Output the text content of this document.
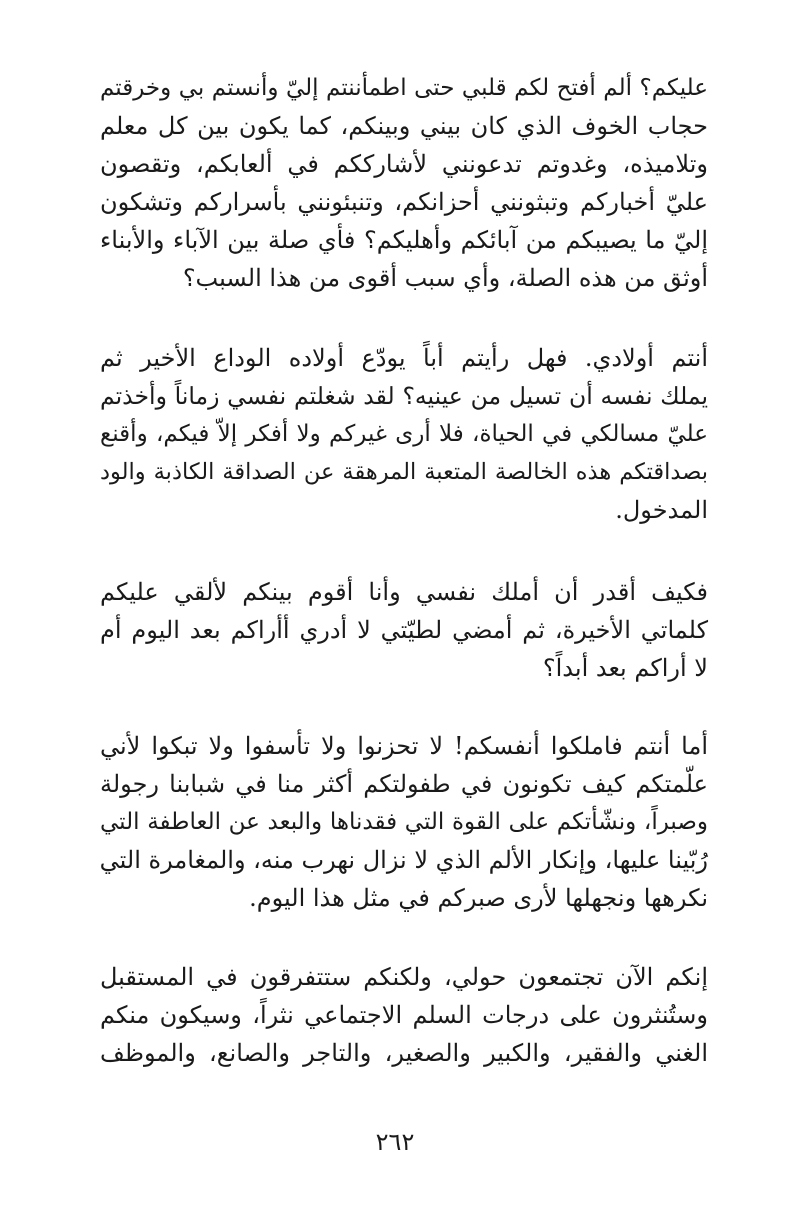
عليكم؟ ألم أفتح لكم قلبي حتى اطمأننتم إليّ وأنستم بي وخرقتم
حجاب الخوف الذي كان بيني وبينكم، كما يكون بين كل معلم
وتلاميذه، وغدوتم تدعونني لأشارككم في ألعابكم، وتقصون
عليّ أخباركم وتبثونني أحزانكم، وتنبئونني بأسراركم وتشكون
إليّ ما يصيبكم من آبائكم وأهليكم؟ فأي صلة بين الآباء والأبناء
أوثق من هذه الصلة، وأي سبب أقوى من هذا السبب؟
أنتم أولادي. فهل رأيتم أباً يودّع أولاده الوداع الأخير ثم
يملك نفسه أن تسيل من عينيه؟ لقد شغلتم نفسي زماناً وأخذتم
عليّ مسالكي في الحياة، فلا أرى غيركم ولا أفكر إلاّ فيكم، وأقنع
بصداقتكم هذه الخالصة المتعبة المرهقة عن الصداقة الكاذبة والود
المدخول.
فكيف أقدر أن أملك نفسي وأنا أقوم بينكم لألقي عليكم
كلماتي الأخيرة، ثم أمضي لطيّتي لا أدري أأراكم بعد اليوم أم
لا أراكم بعد أبداً؟
أما أنتم فاملكوا أنفسكم! لا تحزنوا ولا تأسفوا ولا تبكوا لأني
علّمتكم كيف تكونون في طفولتكم أكثر منا في شبابنا رجولة
وصبراً، ونشّأتكم على القوة التي فقدناها والبعد عن العاطفة التي
رُبّينا عليها، وإنكار الألم الذي لا نزال نهرب منه، والمغامرة التي
نكرهها ونجهلها لأرى صبركم في مثل هذا اليوم.
إنكم الآن تجتمعون حولي، ولكنكم ستتفرقون في المستقبل
وستُنثرون على درجات السلم الاجتماعي نثراً، وسيكون منكم
الغني والفقير، والكبير والصغير، والتاجر والصانع، والموظف
٢٦٢
